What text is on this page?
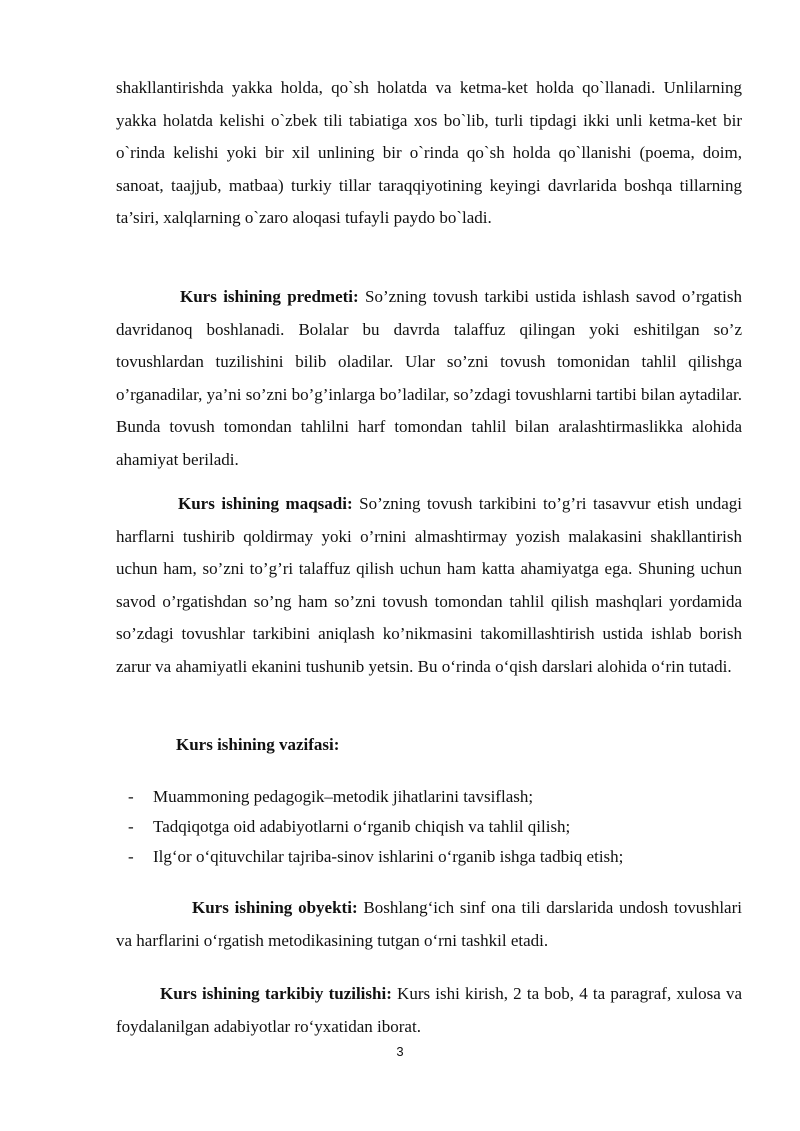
shakllantirishda yakka holda, qo`sh holatda va ketma-ket holda qo`llanadi. Unlilarning yakka holatda kelishi o`zbek tili tabiatiga xos bo`lib, turli tipdagi ikki unli ketma-ket bir o`rinda kelishi yoki bir xil unlining bir o`rinda qo`sh holda qo`llanishi (poema, doim, sanoat, taajjub, matbaa) turkiy tillar taraqqiyotining keyingi davrlarida boshqa tillarning ta’siri, xalqlarning o`zaro aloqasi tufayli paydo bo`ladi.

Kurs ishining predmeti: So’zning tovush tarkibi ustida ishlash savod o’rgatish davridanoq boshlanadi. Bolalar bu davrda talaffuz qilingan yoki eshitilgan so’z tovushlardan tuzilishini bilib oladilar. Ular so’zni tovush tomonidan tahlil qilishga o’rganadilar, ya’ni so’zni bo’g’inlarga bo’ladilar, so’zdagi tovushlarni tartibi bilan aytadilar. Bunda tovush tomondan tahlilni harf tomondan tahlil bilan aralashtirmaslikka alohida ahamiyat beriladi.

Kurs ishining maqsadi: So’zning tovush tarkibini to’g’ri tasavvur etish undagi harflarni tushirib qoldirmay yoki o’rnini almashtirmay yozish malakasini shakllantirish uchun ham, so’zni to’g’ri talaffuz qilish uchun ham katta ahamiyatga ega. Shuning uchun savod o’rgatishdan so’ng ham so’zni tovush tomondan tahlil qilish mashqlari yordamida so’zdagi tovushlar tarkibini aniqlash ko’nikmasini takomillashtirish ustida ishlab borish zarur va ahamiyatli ekanini tushunib yetsin. Bu o‘rinda o‘qish darslari alohida o‘rin tutadi.

Kurs ishining vazifasi:

- Muammoning pedagogik–metodik jihatlarini tavsiflash;
- Tadqiqotga oid adabiyotlarni o‘rganib chiqish va tahlil qilish;
- Ilg‘or o‘qituvchilar tajriba-sinov ishlarini o‘rganib ishga tadbiq etish;

Kurs ishining obyekti: Boshlang‘ich sinf ona tili darslarida undosh tovushlari va harflarini o‘rgatish metodikasining tutgan o‘rni tashkil etadi.

Kurs ishining tarkibiy tuzilishi: Kurs ishi kirish, 2 ta bob, 4 ta paragraf, xulosa va foydalanilgan adabiyotlar ro‘yxatidan iborat.

3
